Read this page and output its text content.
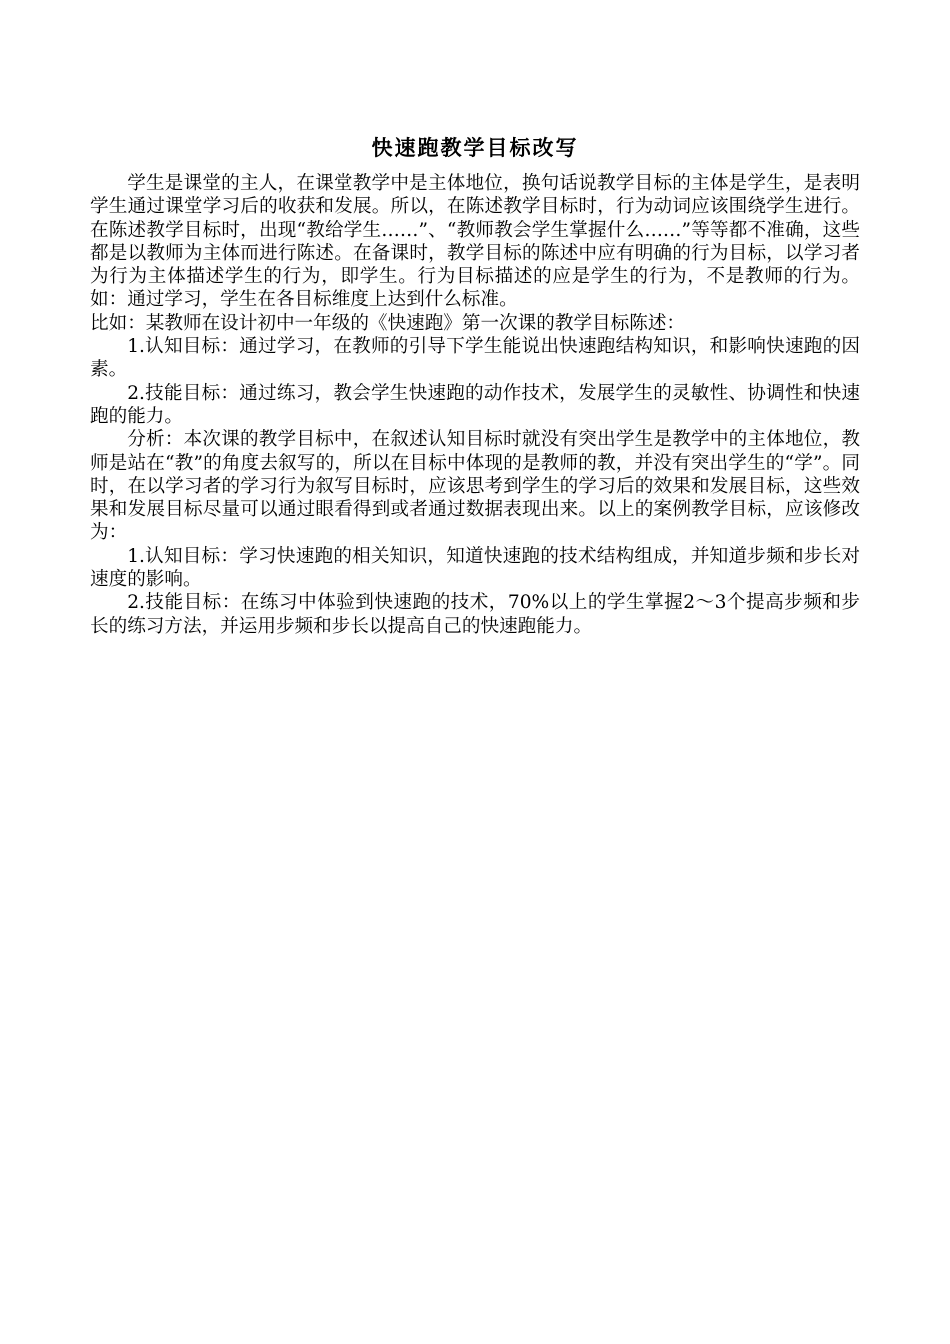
快速跑教学目标改写

学生是课堂的主人，在课堂教学中是主体地位，换句话说教学目标的主体是学生，是表明学生通过课堂学习后的收获和发展。所以，在陈述教学目标时，行为动词应该围绕学生进行。在陈述教学目标时，出现“教给学生……”、“教师教会学生掌握什么……”等等都不准确，这些都是以教师为主体而进行陈述。在备课时，教学目标的陈述中应有明确的行为目标，以学习者为行为主体描述学生的行为，即学生。行为目标描述的应是学生的行为，不是教师的行为。如：通过学习，学生在各目标维度上达到什么标准。

比如：某教师在设计初中一年级的《快速跑》第一次课的教学目标陈述：

1.认知目标：通过学习，在教师的引导下学生能说出快速跑结构知识，和影响快速跑的因素。

2.技能目标：通过练习，教会学生快速跑的动作技术，发展学生的灵敏性、协调性和快速跑的能力。

分析：本次课的教学目标中，在叙述认知目标时就没有突出学生是教学中的主体地位，教师是站在“教”的角度去叙写的，所以在目标中体现的是教师的教，并没有突出学生的“学”。同时，在以学习者的学习行为叙写目标时，应该思考到学生的学习后的效果和发展目标，这些效果和发展目标尽量可以通过眼看得到或者通过数据表现出来。以上的案例教学目标，应该修改为：

1.认知目标：学习快速跑的相关知识，知道快速跑的技术结构组成，并知道步频和步长对速度的影响。

2.技能目标：在练习中体验到快速跑的技术，70%以上的学生掌握2～3个提高步频和步长的练习方法，并运用步频和步长以提高自己的快速跑能力。
